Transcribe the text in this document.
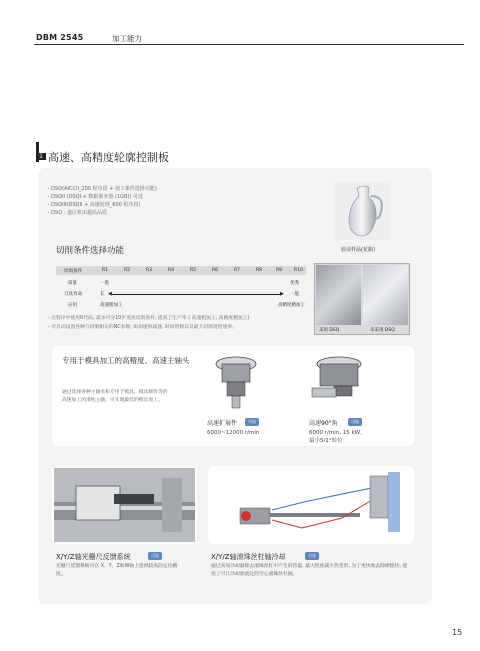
DBM 2545	加工能力
1 高速、高精度轮廓控制板
· DSQ(AICCII_200 程序段 + 加工条件选择功能)
· DSQII (DSQI + 数据服务器 (1GB)) 可选
· DSQIII(DSQII + 高速处理_600 程序段)
· DSQ : 道臣机床超高品质
验证样品(花瓶)
切削条件选择功能
切削条件	R1	R2	R3	R4	R5	R6	R7	R8	R9	R10
质量	一般	优秀
刀具寿命	长 ◀	▶ 一般
应用	高速粗加工	高精度精加工
- 在程序中使用R代码, 最多可分10步更改切削条件, 提高了生产率 ( 高速粗加工, 高精度精加工)
- 可自动设置各种与伺服相关的NC参数, 如加速和减速, 时间常数以及最大切削进给速率。
采用 DSQ	未采用 DSQ
专用于模具加工的高精度、高速主轴头
通过选择各种主轴头和专用于模具，模具制作等的高速加工的滑枕主轴，可实现最佳的模具加工。
高速扩展件	可选
6000~12000 r/min
高速90°角	可选
6000 r/min, 15 kW,
最小5/1°转位
X/Y/Z轴光栅尺反馈系统	可选
光栅尺反馈系统可在 X、Y、Z和W轴上提供较高的定位精度。
X/Y/Z轴滚珠丝杠轴冷却	可选
通过高效冷却器除去滚珠丝杠中产生的热量, 最大程度减少热变形, 为了更快地去除摩擦热, 使用了可让冷却油流过的空心滚珠丝杠轴。
15
